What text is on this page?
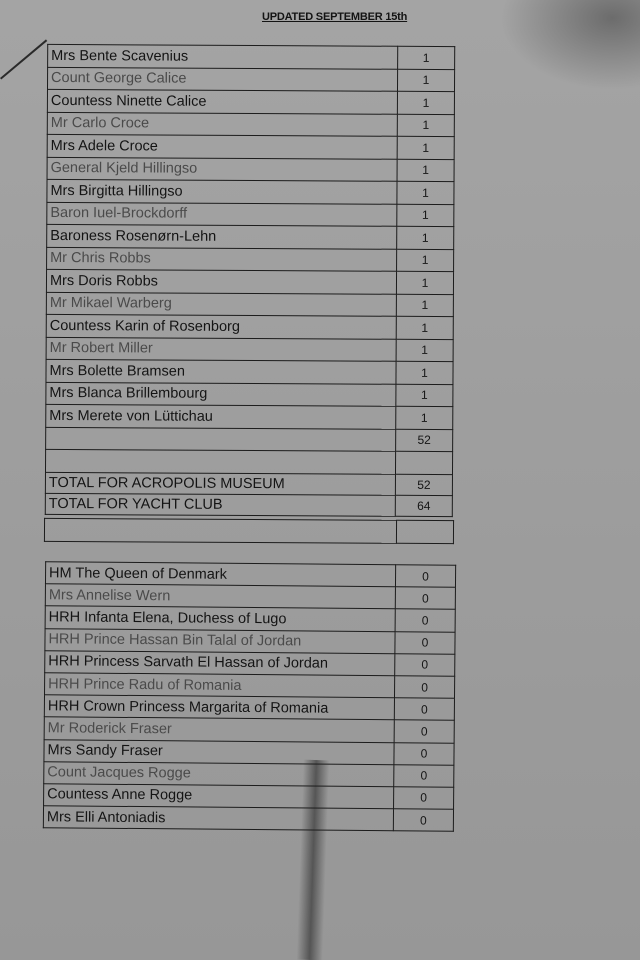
UPDATED SEPTEMBER 15th
Mrs Bente Scavenius	1
Count George Calice	1
Countess Ninette Calice	1
Mr Carlo Croce	1
Mrs Adele Croce	1
General Kjeld Hillingso	1
Mrs Birgitta Hillingso	1
Baron Iuel-Brockdorff	1
Baroness Rosenørn-Lehn	1
Mr Chris Robbs	1
Mrs Doris Robbs	1
Mr Mikael Warberg	1
Countess Karin of Rosenborg	1
Mr Robert Miller	1
Mrs Bolette Bramsen	1
Mrs Blanca Brillembourg	1
Mrs Merete von Lüttichau	1
	52

TOTAL FOR ACROPOLIS MUSEUM	52
TOTAL FOR YACHT CLUB	64

HM The Queen of Denmark	0
Mrs Annelise Wern	0
HRH Infanta Elena, Duchess of Lugo	0
HRH Prince Hassan Bin Talal of Jordan	0
HRH Princess Sarvath El Hassan of Jordan	0
HRH Prince Radu of Romania	0
HRH Crown Princess Margarita of Romania	0
Mr Roderick Fraser	0
Mrs Sandy Fraser	0
Count Jacques Rogge	0
Countess Anne Rogge	0
Mrs Elli Antoniadis	0
